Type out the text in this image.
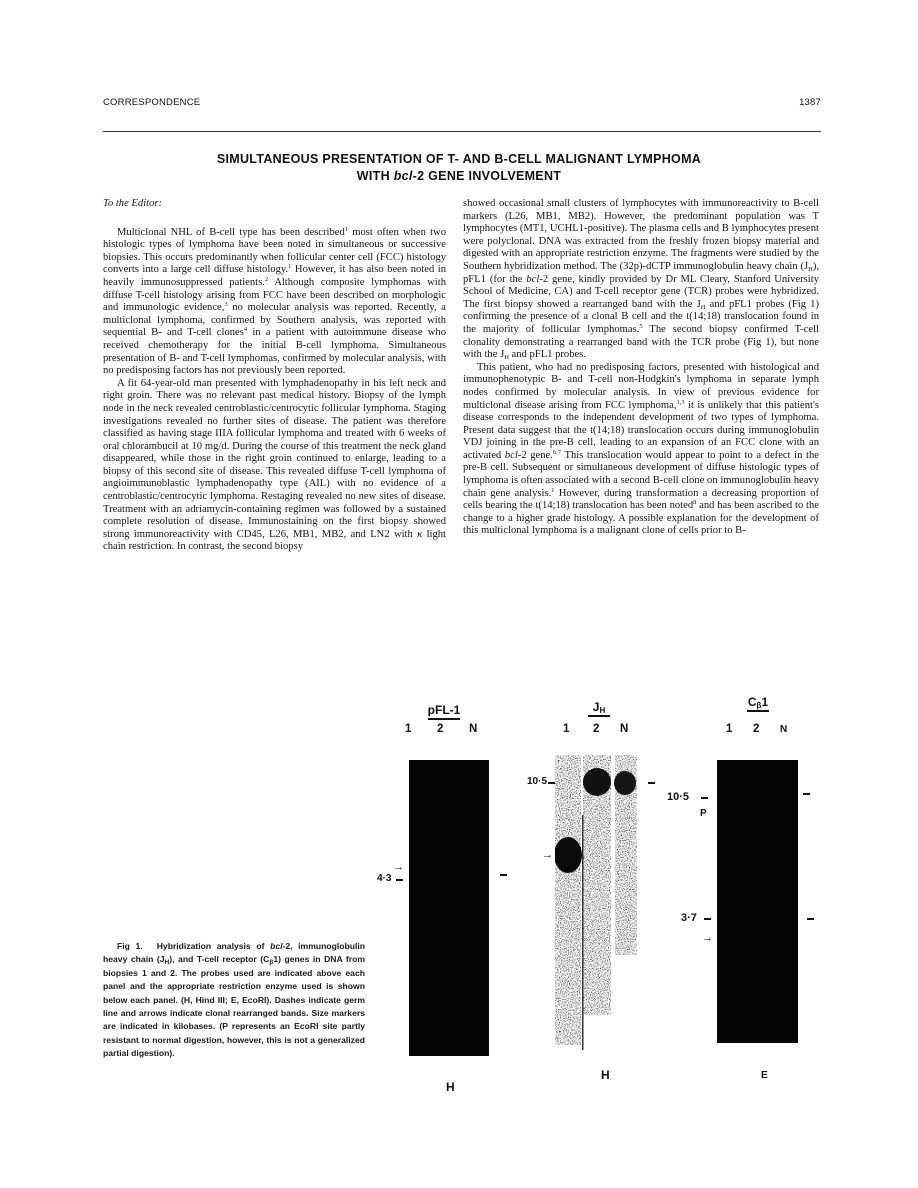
CORRESPONDENCE	1387
SIMULTANEOUS PRESENTATION OF T- AND B-CELL MALIGNANT LYMPHOMA
WITH bcl-2 GENE INVOLVEMENT
To the Editor:

Multiclonal NHL of B-cell type has been described$^1$ most often when two histologic types of lymphoma have been noted in simultaneous or successive biopsies. This occurs predominantly when follicular center cell (FCC) histology converts into a large cell diffuse histology.$^1$ However, it has also been noted in heavily immunosuppressed patients.$^2$ Although composite lymphomas with diffuse T-cell histology arising from FCC have been described on morphologic and immunologic evidence,$^3$ no molecular analysis was reported. Recently, a multiclonal lymphoma, confirmed by Southern analysis, was reported with sequential B- and T-cell clones$^4$ in a patient with autoimmune disease who received chemotherapy for the initial B-cell lymphoma. Simultaneous presentation of B- and T-cell lymphomas, confirmed by molecular analysis, with no predisposing factors has not previously been reported.

A fit 64-year-old man presented with lymphadenopathy in his left neck and right groin. There was no relevant past medical history. Biopsy of the lymph node in the neck revealed centroblastic/centrocytic follicular lymphoma. Staging investigations revealed no further sites of disease. The patient was therefore classified as having stage IIIA follicular lymphoma and treated with 6 weeks of oral chlorambucil at 10 mg/d. During the course of this treatment the neck gland disappeared, while those in the right groin continued to enlarge, leading to a biopsy of this second site of disease. This revealed diffuse T-cell lymphoma of angioimmunoblastic lymphadenopathy type (AIL) with no evidence of a centroblastic/centrocytic lymphoma. Restaging revealed no new sites of disease. Treatment with an adriamycin-containing regimen was followed by a sustained complete resolution of disease. Immunostaining on the first biopsy showed strong immunoreactivity with CD45, L26, MB1, MB2, and LN2 with κ light chain restriction. In contrast, the second biopsy

showed occasional small clusters of lymphocytes with immunoreactivity to B-cell markers (L26, MB1, MB2). However, the predominant population was T lymphocytes (MT1, UCHL1-positive). The plasma cells and B lymphocytes present were polyclonal. DNA was extracted from the freshly frozen biopsy material and digested with an appropriate restriction enzyme. The fragments were studied by the Southern hybridization method. The (32p)-dCTP immunoglobulin heavy chain $(J_H)$, pFL1 (for the bcl-2 gene, kindly provided by Dr ML Cleary, Stanford University School of Medicine, CA) and T-cell receptor gene (TCR) probes were hybridized. The first biopsy showed a rearranged band with the $J_H$ and pFL1 probes (Fig 1) confirming the presence of a clonal B cell and the t(14;18) translocation found in the majority of follicular lymphomas.$^5$ The second biopsy confirmed T-cell clonality demonstrating a rearranged band with the TCR probe (Fig 1), but none with the $J_H$ and pFL1 probes.

This patient, who had no predisposing factors, presented with histological and immunophenotypic B- and T-cell non-Hodgkin's lymphoma in separate lymph nodes confirmed by molecular analysis. In view of previous evidence for multiclonal disease arising from FCC lymphoma,$^{1,3}$ it is unlikely that this patient's disease corresponds to the independent development of two types of lymphoma. Present data suggest that the t(14;18) translocation occurs during immunoglobulin VDJ joining in the pre-B cell, leading to an expansion of an FCC clone with an activated bcl-2 gene.$^{6,7}$ This translocation would appear to point to a defect in the pre-B cell. Subsequent or simultaneous development of diffuse histologic types of lymphoma is often associated with a second B-cell clone on immunoglobulin heavy chain gene analysis.$^1$ However, during transformation a decreasing proportion of cells bearing the t(14;18) translocation has been noted$^8$ and has been ascribed to the change to a higher grade histology. A possible explanation for the development of this multiclonal lymphoma is a malignant clone of cells prior to B-

Fig 1. Hybridization analysis of bcl-2, immunoglobulin heavy chain $(J_H)$, and T-cell receptor $(C_\beta 1)$ genes in DNA from biopsies 1 and 2. The probes used are indicated above each panel and the appropriate restriction enzyme used is shown below each panel. (H, Hind III; E, EcoRI). Dashes indicate germ line and arrows indicate clonal rearranged bands. Size markers are indicated in kilobases. (P represents an EcoRI site partly resistant to normal digestion, however, this is not a generalized partial digestion).

pFL-1
1 2 N
→
4·3
H
$J_H$
1 2 N
10·5
→
H
$C_\beta 1$
1 2 N
10·5
P
3·7
→
E
